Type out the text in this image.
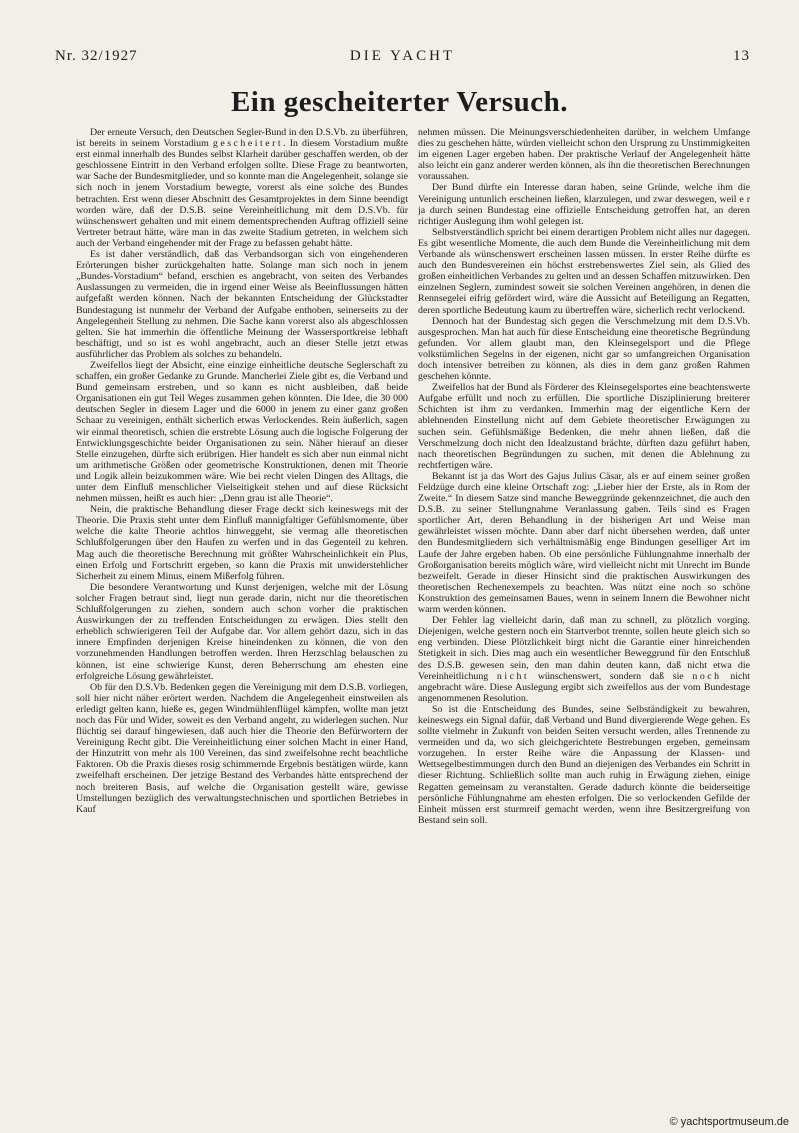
Nr. 32/1927	DIE YACHT	13
Ein gescheiterter Versuch.

Der erneute Versuch, den Deutschen Segler-Bund in den D.S.Vb. zu überführen, ist bereits in seinem Vorstadium gescheitert. In diesem Vorstadium mußte erst einmal innerhalb des Bundes selbst Klarheit darüber geschaffen werden, ob der geschlossene Eintritt in den Verband erfolgen sollte. Diese Frage zu beantworten, war Sache der Bundesmitglieder, und so konnte man die Angelegenheit, solange sie sich noch in jenem Vorstadium bewegte, vorerst als eine solche des Bundes betrachten. Erst wenn dieser Abschnitt des Gesamtprojektes in dem Sinne beendigt worden wäre, daß der D.S.B. seine Vereinheitlichung mit dem D.S.Vb. für wünschenswert gehalten und mit einem dementsprechenden Auftrag offiziell seine Vertreter betraut hätte, wäre man in das zweite Stadium getreten, in welchem sich auch der Verband eingehender mit der Frage zu befassen gehabt hätte.

Es ist daher verständlich, daß das Verbandsorgan sich von eingehenderen Erörterungen bisher zurückgehalten hatte. Solange man sich noch in jenem „Bundes-Vorstadium“ befand, erschien es angebracht, von seiten des Verbandes Auslassungen zu vermeiden, die in irgend einer Weise als Beeinflussungen hätten aufgefaßt werden können. Nach der bekannten Entscheidung der Glückstadter Bundestagung ist nunmehr der Verband der Aufgabe enthoben, seinerseits zu der Angelegenheit Stellung zu nehmen. Die Sache kann vorerst also als abgeschlossen gelten. Sie hat immerhin die öffentliche Meinung der Wassersportkreise lebhaft beschäftigt, und so ist es wohl angebracht, auch an dieser Stelle jetzt etwas ausführlicher das Problem als solches zu behandeln.

Zweifellos liegt der Absicht, eine einzige einheitliche deutsche Seglerschaft zu schaffen, ein großer Gedanke zu Grunde. Mancherlei Ziele gibt es, die Verband und Bund gemeinsam erstreben, und so kann es nicht ausbleiben, daß beide Organisationen ein gut Teil Weges zusammen gehen könnten. Die Idee, die 30 000 deutschen Segler in diesem Lager und die 6000 in jenem zu einer ganz großen Schaar zu vereinigen, enthält sicherlich etwas Verlockendes. Rein äußerlich, sagen wir einmal theoretisch, schien die erstrebte Lösung auch die logische Folgerung der Entwicklungsgeschichte beider Organisationen zu sein. Näher hierauf an dieser Stelle einzugehen, dürfte sich erübrigen. Hier handelt es sich aber nun einmal nicht um arithmetische Größen oder geometrische Konstruktionen, denen mit Theorie und Logik allein beizukommen wäre. Wie bei recht vielen Dingen des Alltags, die unter dem Einfluß menschlicher Vielseitigkeit stehen und auf diese Rücksicht nehmen müssen, heißt es auch hier: „Denn grau ist alle Theorie“.

Nein, die praktische Behandlung dieser Frage deckt sich keineswegs mit der Theorie. Die Praxis steht unter dem Einfluß mannigfaltiger Gefühlsmomente, über welche die kalte Theorie achtlos hinweggeht, sie vermag alle theoretischen Schlußfolgerungen über den Haufen zu werfen und in das Gegenteil zu kehren. Mag auch die theoretische Berechnung mit größter Wahrscheinlichkeit ein Plus, einen Erfolg und Fortschritt ergeben, so kann die Praxis mit unwiderstehlicher Sicherheit zu einem Minus, einem Mißerfolg führen.

Die besondere Verantwortung und Kunst derjenigen, welche mit der Lösung solcher Fragen betraut sind, liegt nun gerade darin, nicht nur die theoretischen Schlußfolgerungen zu ziehen, sondern auch schon vorher die praktischen Auswirkungen der zu treffenden Entscheidungen zu erwägen. Dies stellt den erheblich schwierigeren Teil der Aufgabe dar. Vor allem gehört dazu, sich in das innere Empfinden derjenigen Kreise hineindenken zu können, die von den vorzunehmenden Handlungen betroffen werden. Ihren Herzschlag belauschen zu können, ist eine schwierige Kunst, deren Beherrschung am ehesten eine erfolgreiche Lösung gewährleistet.

Ob für den D.S.Vb. Bedenken gegen die Vereinigung mit dem D.S.B. vorliegen, soll hier nicht näher erörtert werden. Nachdem die Angelegenheit einstweilen als erledigt gelten kann, hieße es, gegen Windmühlenflügel kämpfen, wollte man jetzt noch das Für und Wider, soweit es den Verband angeht, zu widerlegen suchen. Nur flüchtig sei darauf hingewiesen, daß auch hier die Theorie den Befürwortern der Vereinigung Recht gibt. Die Vereinheitlichung einer solchen Macht in einer Hand, der Hinzutritt von mehr als 100 Vereinen, das sind zweifelsohne recht beachtliche Faktoren. Ob die Praxis dieses rosig schimmernde Ergebnis bestätigen würde, kann zweifelhaft erscheinen. Der jetzige Bestand des Verbandes hätte entsprechend der noch breiteren Basis, auf welche die Organisation gestellt wäre, gewisse Umstellungen bezüglich des verwaltungstechnischen und sportlichen Betriebes in Kauf

nehmen müssen. Die Meinungsverschiedenheiten darüber, in welchem Umfange dies zu geschehen hätte, würden vielleicht schon den Ursprung zu Unstimmigkeiten im eigenen Lager ergeben haben. Der praktische Verlauf der Angelegenheit hätte also leicht ein ganz anderer werden können, als ihn die theoretischen Berechnungen voraussahen.

Der Bund dürfte ein Interesse daran haben, seine Gründe, welche ihm die Vereinigung untunlich erscheinen ließen, klarzulegen, und zwar deswegen, weil e r ja durch seinen Bundestag eine offizielle Entscheidung getroffen hat, an deren richtiger Auslegung ihm wohl gelegen ist.

Selbstverständlich spricht bei einem derartigen Problem nicht alles nur dagegen. Es gibt wesentliche Momente, die auch dem Bunde die Vereinheitlichung mit dem Verbande als wünschenswert erscheinen lassen müssen. In erster Reihe dürfte es auch den Bundesvereinen ein höchst erstrebenswertes Ziel sein, als Glied des großen einheitlichen Verbandes zu gelten und an dessen Schaffen mitzuwirken. Den einzelnen Seglern, zumindest soweit sie solchen Vereinen angehören, in denen die Rennsegelei eifrig gefördert wird, wäre die Aussicht auf Beteiligung an Regatten, deren sportliche Bedeutung kaum zu übertreffen wäre, sicherlich recht verlockend.

Dennoch hat der Bundestag sich gegen die Verschmelzung mit dem D.S.Vb. ausgesprochen. Man hat auch für diese Entscheidung eine theoretische Begründung gefunden. Vor allem glaubt man, den Kleinsegelsport und die Pflege volkstümlichen Segelns in der eigenen, nicht gar so umfangreichen Organisation doch intensiver betreiben zu können, als dies in dem ganz großen Rahmen geschehen könnte.

Zweifellos hat der Bund als Förderer des Kleinsegelsportes eine beachtenswerte Aufgabe erfüllt und noch zu erfüllen. Die sportliche Disziplinierung breiterer Schichten ist ihm zu verdanken. Immerhin mag der eigentliche Kern der ablehnenden Einstellung nicht auf dem Gebiete theoretischer Erwägungen zu suchen sein. Gefühlsmäßige Bedenken, die mehr ahnen ließen, daß die Verschmelzung doch nicht den Idealzustand brächte, dürften dazu geführt haben, nach theoretischen Begründungen zu suchen, mit denen die Ablehnung zu rechtfertigen wäre.

Bekannt ist ja das Wort des Gajus Julius Cäsar, als er auf einem seiner großen Feldzüge durch eine kleine Ortschaft zog: „Lieber hier der Erste, als in Rom der Zweite.“ In diesem Satze sind manche Beweggründe gekennzeichnet, die auch den D.S.B. zu seiner Stellungnahme Veranlassung gaben. Teils sind es Fragen sportlicher Art, deren Behandlung in der bisherigen Art und Weise man gewährleistet wissen möchte. Dann aber darf nicht übersehen werden, daß unter den Bundesmitgliedern sich verhältnismäßig enge Bindungen geselliger Art im Laufe der Jahre ergeben haben. Ob eine persönliche Fühlungnahme innerhalb der Großorganisation bereits möglich wäre, wird vielleicht nicht mit Unrecht im Bunde bezweifelt. Gerade in dieser Hinsicht sind die praktischen Auswirkungen des theoretischen Rechenexempels zu beachten. Was nützt eine noch so schöne Konstruktion des gemeinsamen Baues, wenn in seinem Innern die Bewohner nicht warm werden können.

Der Fehler lag vielleicht darin, daß man zu schnell, zu plötzlich vorging. Diejenigen, welche gestern noch ein Startverbot trennte, sollen heute gleich sich so eng verbinden. Diese Plötzlichkeit birgt nicht die Garantie einer hinreichenden Stetigkeit in sich. Dies mag auch ein wesentlicher Beweggrund für den Entschluß des D.S.B. gewesen sein, den man dahin deuten kann, daß nicht etwa die Vereinheitlichung nicht wünschenswert, sondern daß sie noch nicht angebracht wäre. Diese Auslegung ergibt sich zweifellos aus der vom Bundestage angenommenen Resolution.

So ist die Entscheidung des Bundes, seine Selbständigkeit zu bewahren, keineswegs ein Signal dafür, daß Verband und Bund divergierende Wege gehen. Es sollte vielmehr in Zukunft von beiden Seiten versucht werden, alles Trennende zu vermeiden und da, wo sich gleichgerichtete Bestrebungen ergeben, gemeinsam vorzugehen. In erster Reihe wäre die Anpassung der Klassen- und Wettsegelbestimmungen durch den Bund an diejenigen des Verbandes ein Schritt in dieser Richtung. Schließlich sollte man auch ruhig in Erwägung ziehen, einige Regatten gemeinsam zu veranstalten. Gerade dadurch könnte die beiderseitige persönliche Fühlungnahme am ehesten erfolgen. Die so verlockenden Gefilde der Einheit müssen erst sturmreif gemacht werden, wenn ihre Besitzergreifung von Bestand sein soll.

© yachtsportmuseum.de
